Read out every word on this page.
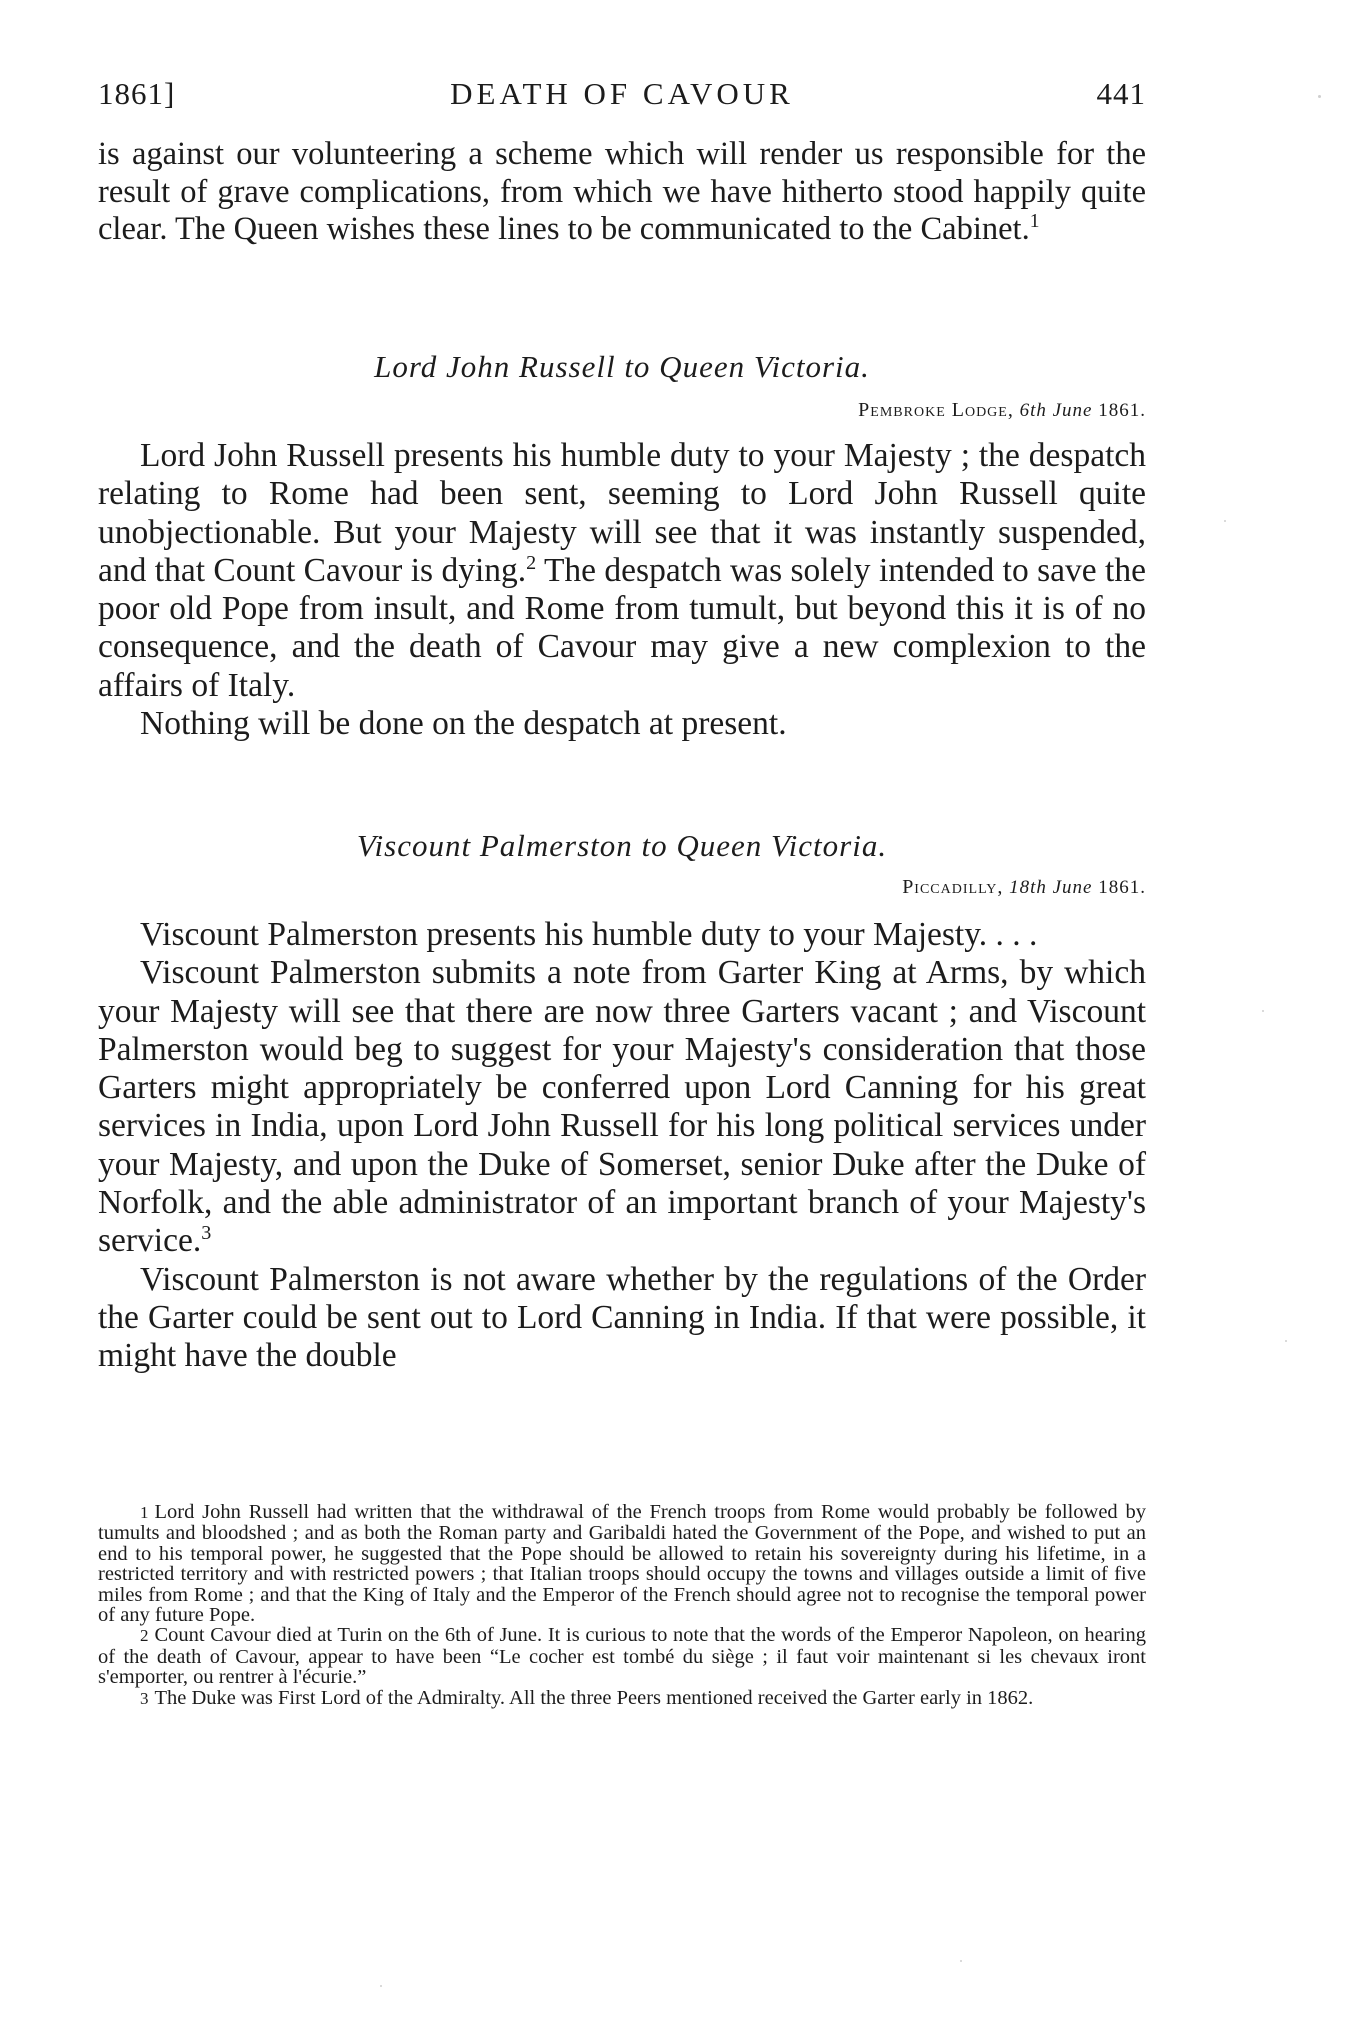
1861]	DEATH OF CAVOUR	441

is against our volunteering a scheme which will render us responsible for the result of grave complications, from which we have hitherto stood happily quite clear. The Queen wishes these lines to be communicated to the Cabinet.$^1$

Lord John Russell to Queen Victoria.

Pembroke Lodge, 6th June 1861.

Lord John Russell presents his humble duty to your Majesty ; the despatch relating to Rome had been sent, seeming to Lord John Russell quite unobjectionable. But your Majesty will see that it was instantly suspended, and that Count Cavour is dying.$^2$ The despatch was solely intended to save the poor old Pope from insult, and Rome from tumult, but beyond this it is of no consequence, and the death of Cavour may give a new complexion to the affairs of Italy.

Nothing will be done on the despatch at present.

Viscount Palmerston to Queen Victoria.

Piccadilly, 18th June 1861.

Viscount Palmerston presents his humble duty to your Majesty. . . .

Viscount Palmerston submits a note from Garter King at Arms, by which your Majesty will see that there are now three Garters vacant ; and Viscount Palmerston would beg to suggest for your Majesty's consideration that those Garters might appropriately be conferred upon Lord Canning for his great services in India, upon Lord John Russell for his long political services under your Majesty, and upon the Duke of Somerset, senior Duke after the Duke of Norfolk, and the able administrator of an important branch of your Majesty's service.$^3$

Viscount Palmerston is not aware whether by the regulations of the Order the Garter could be sent out to Lord Canning in India. If that were possible, it might have the double

1 Lord John Russell had written that the withdrawal of the French troops from Rome would probably be followed by tumults and bloodshed ; and as both the Roman party and Garibaldi hated the Government of the Pope, and wished to put an end to his temporal power, he suggested that the Pope should be allowed to retain his sovereignty during his lifetime, in a restricted territory and with restricted powers ; that Italian troops should occupy the towns and villages outside a limit of five miles from Rome ; and that the King of Italy and the Emperor of the French should agree not to recognise the temporal power of any future Pope.

2 Count Cavour died at Turin on the 6th of June. It is curious to note that the words of the Emperor Napoleon, on hearing of the death of Cavour, appear to have been “Le cocher est tombé du siège ; il faut voir maintenant si les chevaux iront s'emporter, ou rentrer à l'écurie.”

3 The Duke was First Lord of the Admiralty. All the three Peers mentioned received the Garter early in 1862.
